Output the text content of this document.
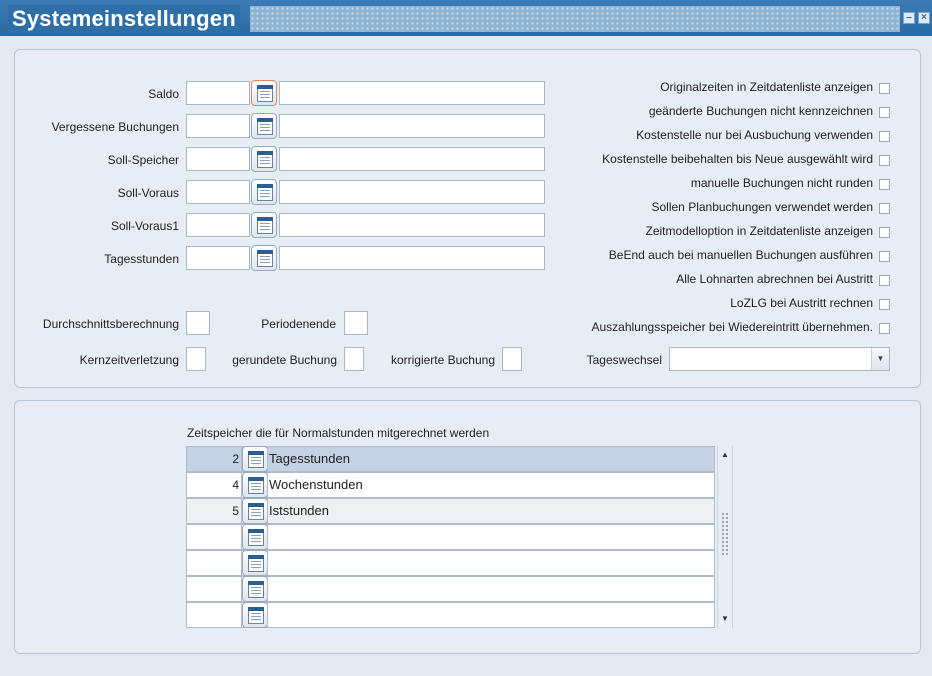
Systemeinstellungen	– ×
Saldo
Vergessene Buchungen
Soll-Speicher
Soll-Voraus
Soll-Voraus1
Tagesstunden
Durchschnittsberechnung	Periodenende
Kernzeitverletzung	gerundete Buchung	korrigierte Buchung
Originalzeiten in Zeitdatenliste anzeigen
geänderte Buchungen nicht kennzeichnen
Kostenstelle nur bei Ausbuchung verwenden
Kostenstelle beibehalten bis Neue ausgewählt wird
manuelle Buchungen nicht runden
Sollen Planbuchungen verwendet werden
Zeitmodelloption in Zeitdatenliste anzeigen
BeEnd auch bei manuellen Buchungen ausführen
Alle Lohnarten abrechnen bei Austritt
LoZLG bei Austritt rechnen
Auszahlungsspeicher bei Wiedereintritt übernehmen.
Tageswechsel	▼
Zeitspeicher die für Normalstunden mitgerechnet werden
2 Tagesstunden
4 Wochenstunden
5 Iststunden
▲
▼
